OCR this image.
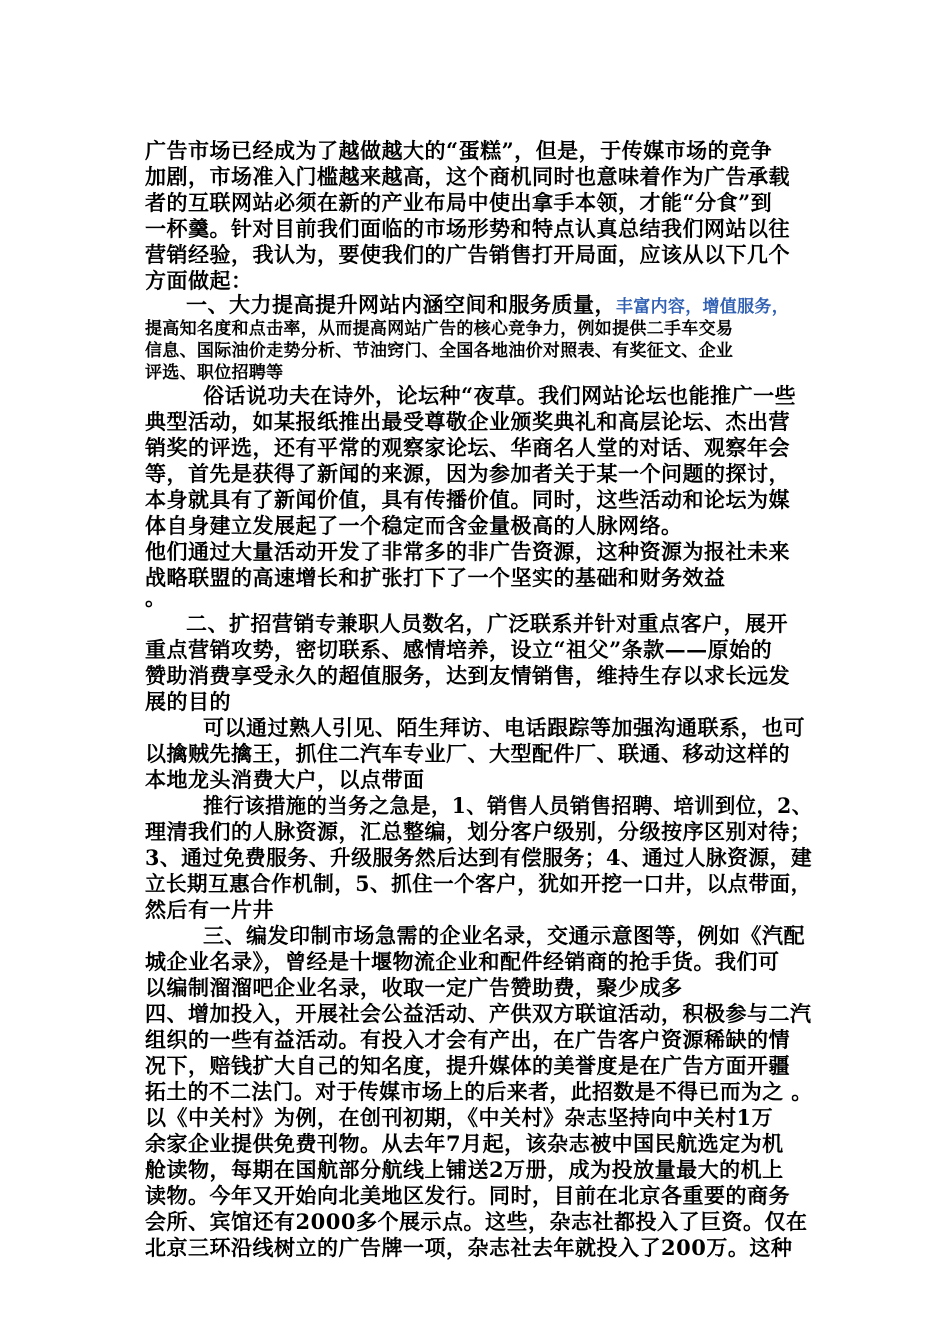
广告市场已经成为了越做越大的“蛋糕”，但是，于传媒市场的竞争
加剧，市场准入门槛越来越高，这个商机同时也意味着作为广告承载
者的互联网站必须在新的产业布局中使出拿手本领，才能“分食”到
一杯羹。针对目前我们面临的市场形势和特点认真总结我们网站以往
营销经验，我认为，要使我们的广告销售打开局面，应该从以下几个
方面做起：
一、大力提高提升网站内涵空间和服务质量，丰富内容，增值服务，
提高知名度和点击率，从而提高网站广告的核心竞争力，例如提供二手车交易
信息、国际油价走势分析、节油窍门、全国各地油价对照表、有奖征文、企业
评选、职位招聘等
俗话说功夫在诗外，论坛种“夜草。我们网站论坛也能推广一些
典型活动，如某报纸推出最受尊敬企业颁奖典礼和高层论坛、杰出营
销奖的评选，还有平常的观察家论坛、华商名人堂的对话、观察年会
等，首先是获得了新闻的来源，因为参加者关于某一个问题的探讨，
本身就具有了新闻价值，具有传播价值。同时，这些活动和论坛为媒
体自身建立发展起了一个稳定而含金量极高的人脉网络。
他们通过大量活动开发了非常多的非广告资源，这种资源为报社未来
战略联盟的高速增长和扩张打下了一个坚实的基础和财务效益
。
二、扩招营销专兼职人员数名，广泛联系并针对重点客户，展开
重点营销攻势，密切联系、感情培养，设立“祖父”条款——原始的
赞助消费享受永久的超值服务，达到友情销售，维持生存以求长远发
展的目的
可以通过熟人引见、陌生拜访、电话跟踪等加强沟通联系，也可
以擒贼先擒王，抓住二汽车专业厂、大型配件厂、联通、移动这样的
本地龙头消费大户，以点带面
推行该措施的当务之急是，1、销售人员销售招聘、培训到位，2、
理清我们的人脉资源，汇总整编，划分客户级别，分级按序区别对待；
3、通过免费服务、升级服务然后达到有偿服务；4、通过人脉资源，建
立长期互惠合作机制，5、抓住一个客户，犹如开挖一口井，以点带面，
然后有一片井
三、编发印制市场急需的企业名录，交通示意图等，例如《汽配
城企业名录》，曾经是十堰物流企业和配件经销商的抢手货。我们可
以编制溜溜吧企业名录，收取一定广告赞助费，聚少成多
四、增加投入，开展社会公益活动、产供双方联谊活动，积极参与二汽
组织的一些有益活动。有投入才会有产出，在广告客户资源稀缺的情
况下，赔钱扩大自己的知名度，提升媒体的美誉度是在广告方面开疆
拓土的不二法门。对于传媒市场上的后来者，此招数是不得已而为之 。
以《中关村》为例，在创刊初期，《中关村》杂志坚持向中关村1万
余家企业提供免费刊物。从去年7月起，该杂志被中国民航选定为机
舱读物，每期在国航部分航线上铺送2万册，成为投放量最大的机上
读物。今年又开始向北美地区发行。同时，目前在北京各重要的商务
会所、宾馆还有2000多个展示点。这些，杂志社都投入了巨资。仅在
北京三环沿线树立的广告牌一项，杂志社去年就投入了200万。这种
